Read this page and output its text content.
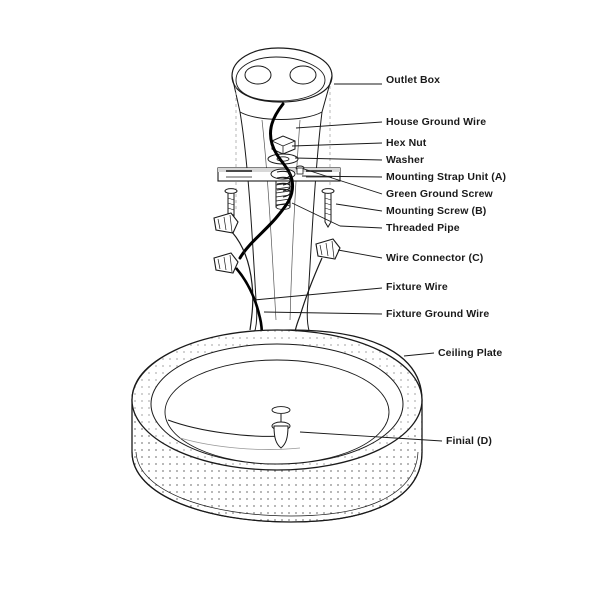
Outlet Box
House Ground Wire
Hex Nut
Washer
Mounting Strap Unit (A)
Green Ground Screw
Mounting Screw (B)
Threaded Pipe
Wire Connector (C)
Fixture Wire
Fixture Ground Wire
Ceiling Plate
Finial (D)
